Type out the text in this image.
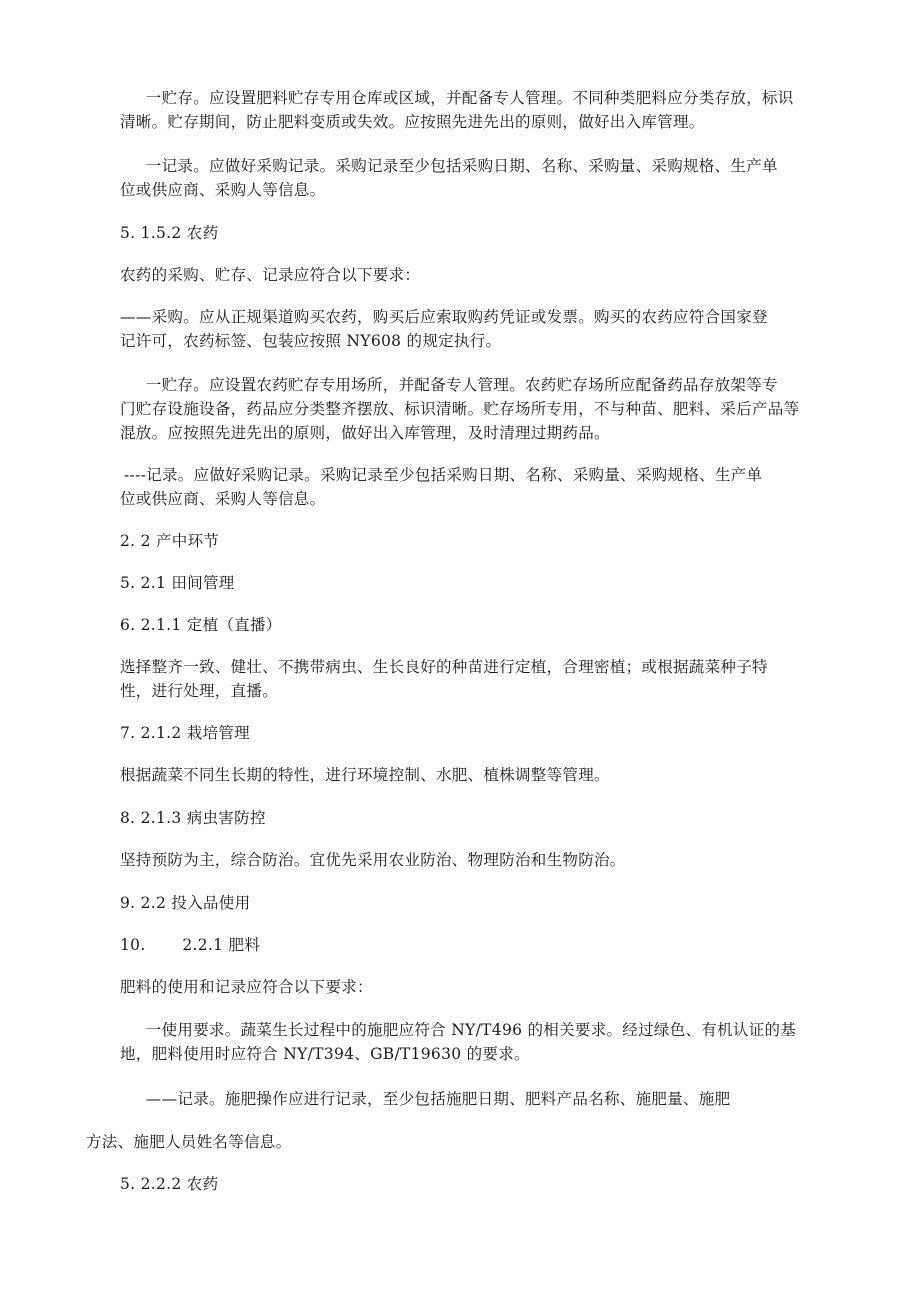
　一贮存。应设置肥料贮存专用仓库或区域，并配备专人管理。不同种类肥料应分类存放，标识
清晰。贮存期间，防止肥料变质或失效。应按照先进先出的原则，做好出入库管理。

　一记录。应做好采购记录。采购记录至少包括采购日期、名称、采购量、采购规格、生产单
位或供应商、采购人等信息。

5. 1.5.2 农药

农药的采购、贮存、记录应符合以下要求：

——采购。应从正规渠道购买农药，购买后应索取购药凭证或发票。购买的农药应符合国家登
记许可，农药标签、包装应按照 NY608 的规定执行。

　一贮存。应设置农药贮存专用场所，并配备专人管理。农药贮存场所应配备药品存放架等专
门贮存设施设备，药品应分类整齐摆放、标识清晰。贮存场所专用，不与种苗、肥料、采后产品等
混放。应按照先进先出的原则，做好出入库管理，及时清理过期药品。

----记录。应做好采购记录。采购记录至少包括采购日期、名称、采购量、采购规格、生产单
位或供应商、采购人等信息。

2. 2 产中环节

5. 2.1 田间管理

6. 2.1.1 定植（直播）

选择整齐一致、健壮、不携带病虫、生长良好的种苗进行定植，合理密植；或根据蔬菜种子特
性，进行处理，直播。

7. 2.1.2 栽培管理

根据蔬菜不同生长期的特性，进行环境控制、水肥、植株调整等管理。

8. 2.1.3 病虫害防控

坚持预防为主，综合防治。宜优先采用农业防治、物理防治和生物防治。

9. 2.2 投入品使用

10.　　 2.2.1 肥料

肥料的使用和记录应符合以下要求：

　一使用要求。蔬菜生长过程中的施肥应符合 NY/T496 的相关要求。经过绿色、有机认证的基
地，肥料使用时应符合 NY/T394、GB/T19630 的要求。

　——记录。施肥操作应进行记录，至少包括施肥日期、肥料产品名称、施肥量、施肥

方法、施肥人员姓名等信息。

5. 2.2.2 农药
